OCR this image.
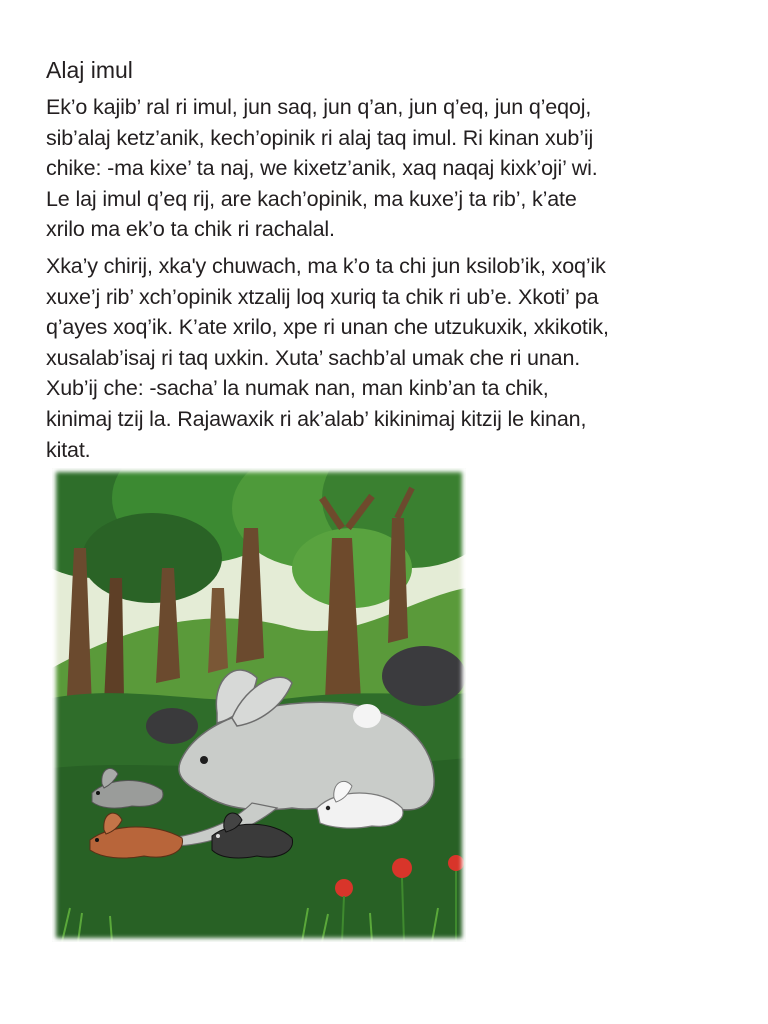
Alaj imul

Ek’o kajib’ ral ri imul, jun saq, jun q’an, jun q’eq, jun q’eqoj,
sib’alaj ketz’anik, kech’opinik ri alaj taq imul. Ri kinan xub’ij
chike: -ma kixe’ ta naj, we kixetz’anik, xaq naqaj kixk’oji’ wi.
Le laj imul q’eq rij, are kach’opinik, ma kuxe’j ta rib’, k’ate
xrilo ma ek’o ta chik ri rachalal.

Xka’y chirij, xka'y chuwach, ma k’o ta chi jun ksilob’ik, xoq’ik
xuxe’j rib’ xch’opinik xtzalij loq xuriq ta chik ri ub’e. Xkoti’ pa
q’ayes xoq’ik. K’ate xrilo, xpe ri unan che utzukuxik, xkikotik,
xusalab’isaj ri taq uxkin. Xuta’ sachb’al umak che ri unan.
Xub’ij che: -sacha’ la numak nan, man kinb’an ta chik,
kinimaj tzij la. Rajawaxik ri ak’alab’ kikinimaj kitzij le kinan,
kitat.
